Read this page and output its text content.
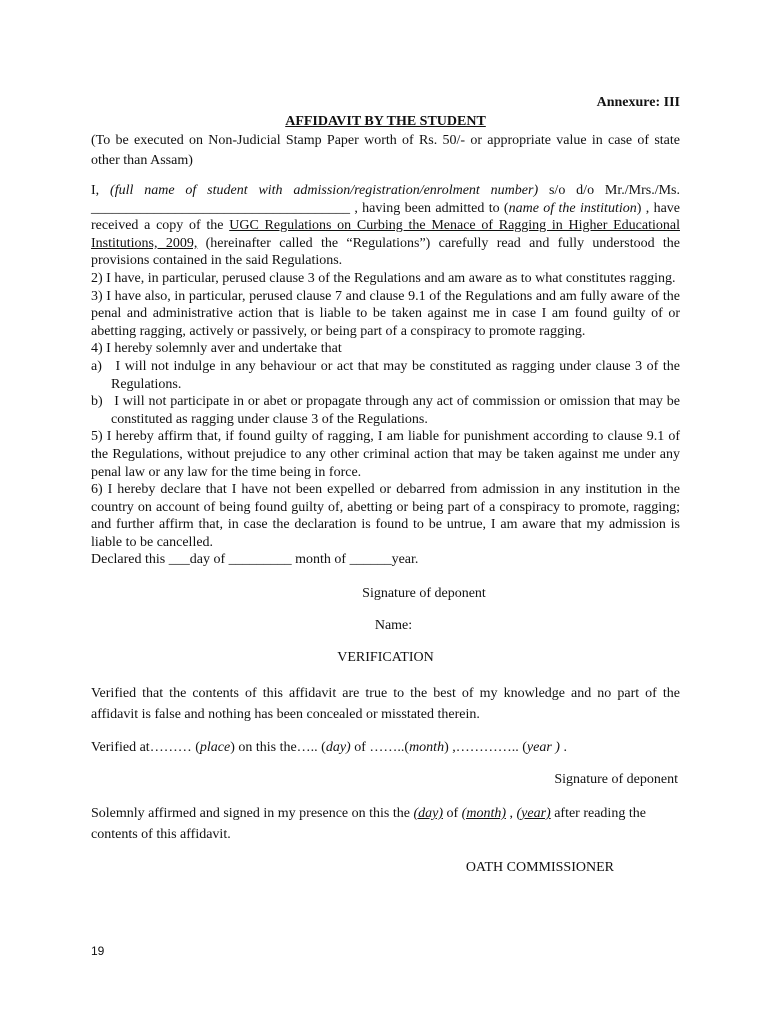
Annexure: III
AFFIDAVIT BY THE STUDENT
(To be executed on Non-Judicial Stamp Paper worth of Rs. 50/- or appropriate value in case of state other than Assam)

I, (full name of student with admission/registration/enrolment number) s/o d/o Mr./Mrs./Ms. _____________________________________ , having been admitted to (name of the institution) , have received a copy of the UGC Regulations on Curbing the Menace of Ragging in Higher Educational Institutions, 2009, (hereinafter called the “Regulations”) carefully read and fully understood the provisions contained in the said Regulations.

2) I have, in particular, perused clause 3 of the Regulations and am aware as to what constitutes ragging.

3) I have also, in particular, perused clause 7 and clause 9.1 of the Regulations and am fully aware of the penal and administrative action that is liable to be taken against me in case I am found guilty of or abetting ragging, actively or passively, or being part of a conspiracy to promote ragging.

4) I hereby solemnly aver and undertake that

a)   I will not indulge in any behaviour or act that may be constituted as ragging under clause 3 of the Regulations.

b)   I will not participate in or abet or propagate through any act of commission or omission that may be constituted as ragging under clause 3 of the Regulations.

5) I hereby affirm that, if found guilty of ragging, I am liable for punishment according to clause 9.1 of the Regulations, without prejudice to any other criminal action that may be taken against me under any penal law or any law for the time being in force.

6) I hereby declare that I have not been expelled or debarred from admission in any institution in the country on account of being found guilty of, abetting or being part of a conspiracy to promote, ragging; and further affirm that, in case the declaration is found to be untrue, I am aware that my admission is liable to be cancelled.

Declared this ___day of _________ month of ______year.

Signature of deponent
Name:
VERIFICATION
Verified that the contents of this affidavit are true to the best of my knowledge and no part of the affidavit is false and nothing has been concealed or misstated therein.
Verified at……… (place) on this the….. (day) of ……..(month) ,………….. (year ) .
Signature of deponent
Solemnly affirmed and signed in my presence on this the (day) of (month) , (year) after reading the contents of this affidavit.
OATH COMMISSIONER
19
